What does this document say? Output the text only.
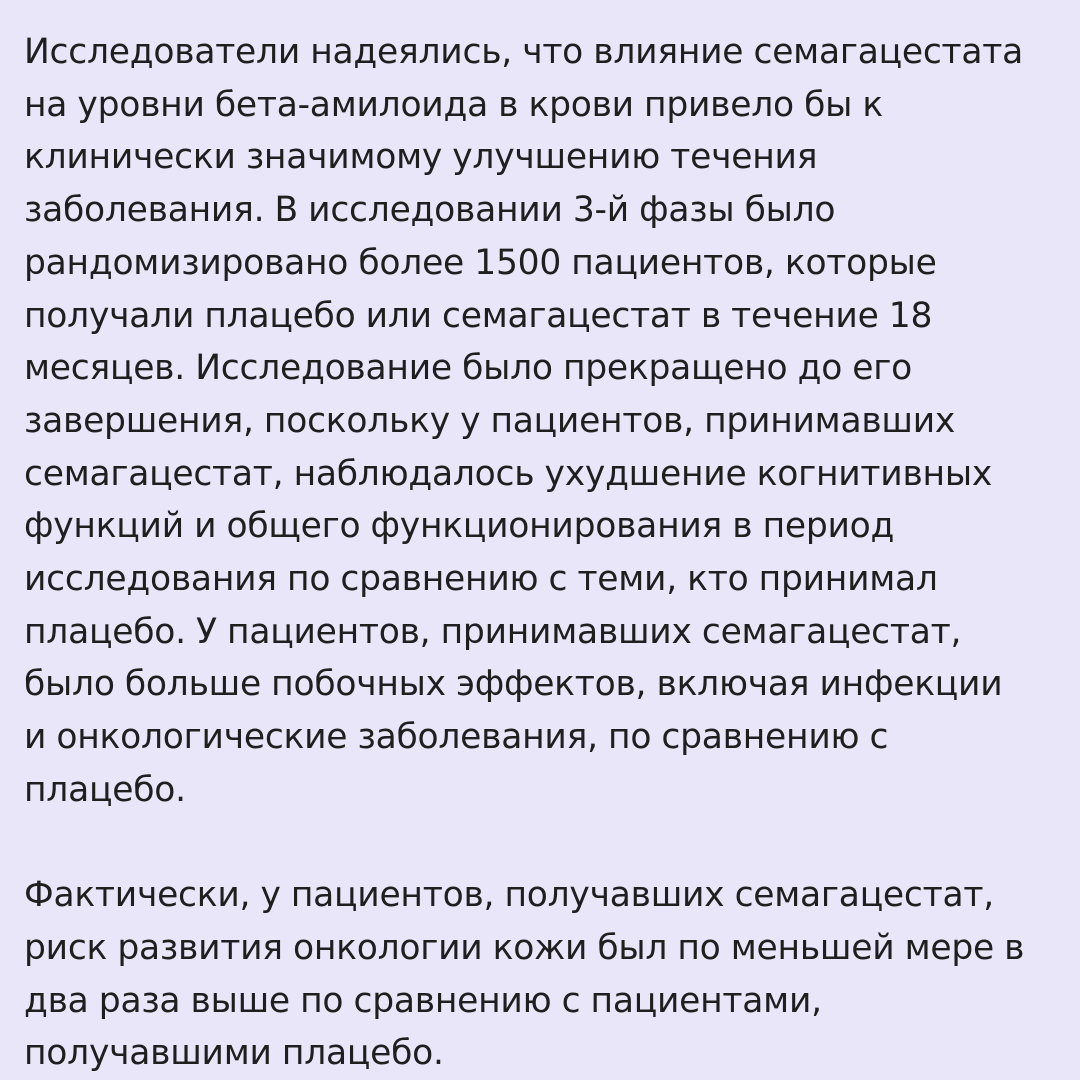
Исследователи надеялись, что влияние семагацестата
на уровни бета-амилоида в крови привело бы к
клинически значимому улучшению течения
заболевания. В исследовании 3-й фазы было
рандомизировано более 1500 пациентов, которые
получали плацебо или семагацестат в течение 18
месяцев. Исследование было прекращено до его
завершения, поскольку у пациентов, принимавших
семагацестат, наблюдалось ухудшение когнитивных
функций и общего функционирования в период
исследования по сравнению с теми, кто принимал
плацебо. У пациентов, принимавших семагацестат,
было больше побочных эффектов, включая инфекции
и онкологические заболевания, по сравнению с
плацебо.

Фактически, у пациентов, получавших семагацестат,
риск развития онкологии кожи был по меньшей мере в
два раза выше по сравнению с пациентами,
получавшими плацебо.
